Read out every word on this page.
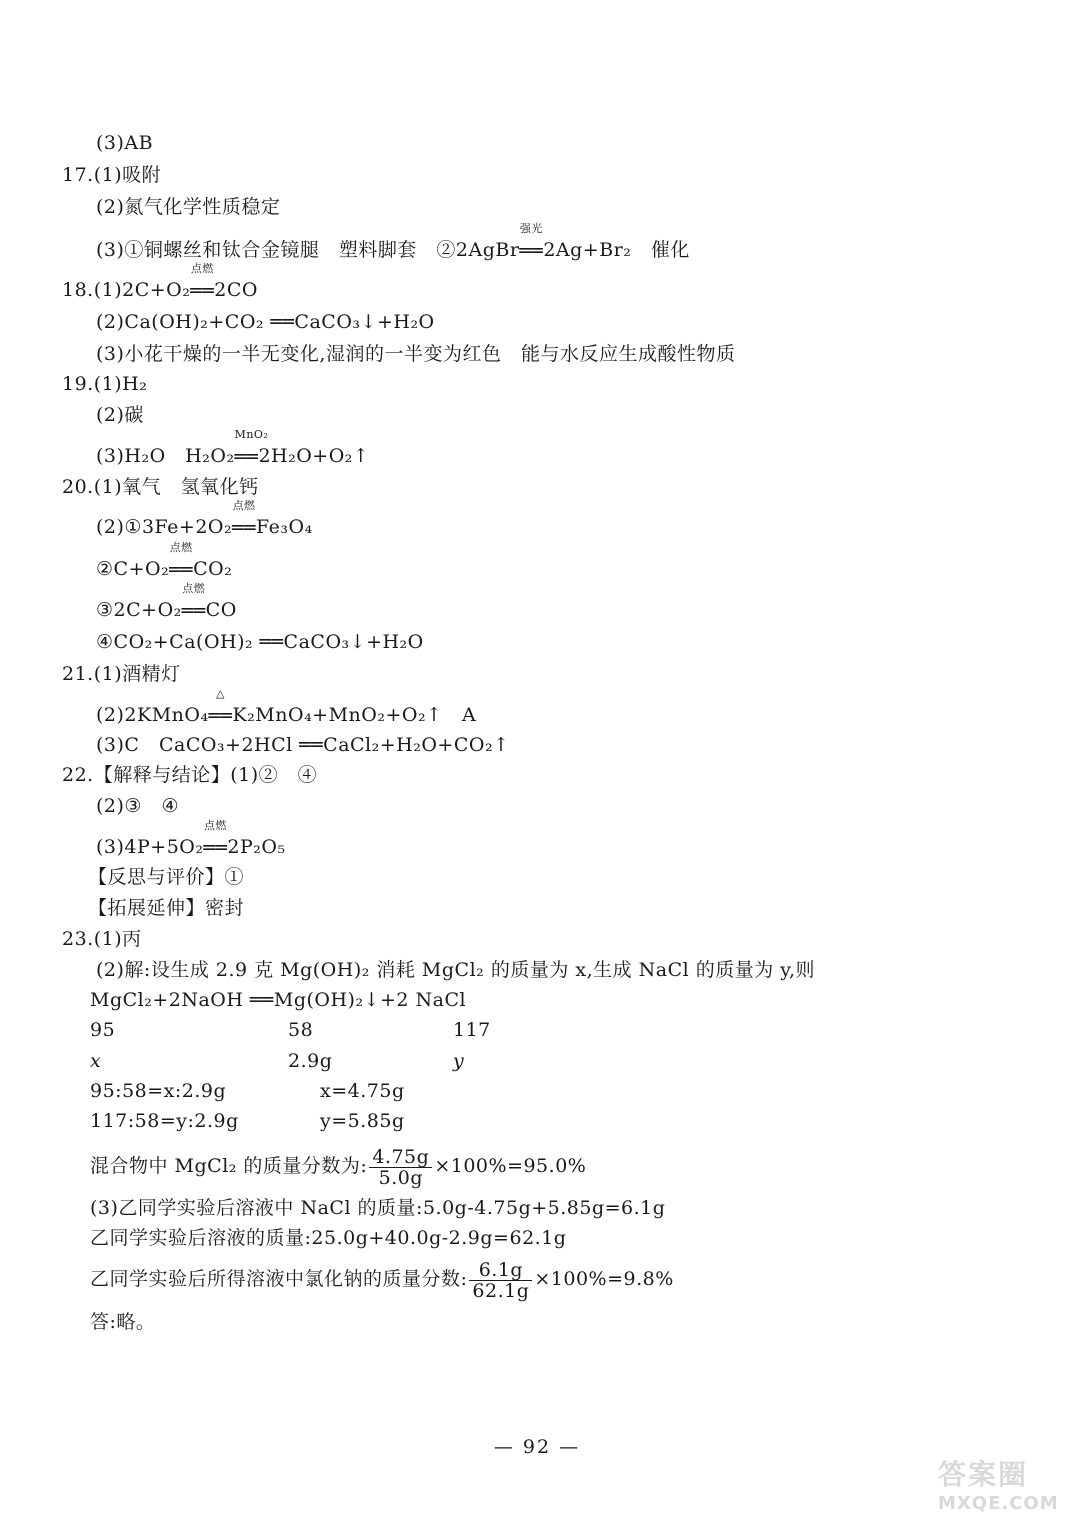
(3)AB
17.(1)吸附
(2)氮气化学性质稳定
(3)①铜螺丝和钛合金镜腿　塑料脚套　②2AgBr
强光
══2Ag+Br₂　催化
18.(1)2C+O₂
点燃
══2CO
(2)Ca(OH)₂+CO₂ ══CaCO₃↓+H₂O
(3)小花干燥的一半无变化,湿润的一半变为红色　能与水反应生成酸性物质
19.(1)H₂
(2)碳
(3)H₂O　H₂O₂
MnO₂
══2H₂O+O₂↑
20.(1)氧气　氢氧化钙
(2)①3Fe+2O₂
点燃
══Fe₃O₄
②C+O₂
点燃
══CO₂
③2C+O₂
点燃
══CO
④CO₂+Ca(OH)₂ ══CaCO₃↓+H₂O
21.(1)酒精灯
(2)2KMnO₄
△
══K₂MnO₄+MnO₂+O₂↑　A
(3)C　CaCO₃+2HCl ══CaCl₂+H₂O+CO₂↑
22.【解释与结论】(1)②　④
(2)③　④
(3)4P+5O₂
点燃
══2P₂O₅
【反思与评价】①
【拓展延伸】密封
23.(1)丙
(2)解:设生成 2.9 克 Mg(OH)₂ 消耗 MgCl₂ 的质量为 x,生成 NaCl 的质量为 y,则
MgCl₂+2NaOH ══Mg(OH)₂↓+2 NaCl
95	58	117
x	2.9g	y
95:58=x:2.9g	x=4.75g
117:58=y:2.9g	y=5.85g
混合物中 MgCl₂ 的质量分数为: $\frac{4.75g}{5.0g} \times 100\%=95.0\%$
(3)乙同学实验后溶液中 NaCl 的质量:5.0g-4.75g+5.85g=6.1g
乙同学实验后溶液的质量:25.0g+40.0g-2.9g=62.1g
乙同学实验后所得溶液中氯化钠的质量分数: $\frac{6.1g}{62.1g} \times 100\%=9.8\%$
答:略。
— 92 —
答案圈
MXQE.COM
